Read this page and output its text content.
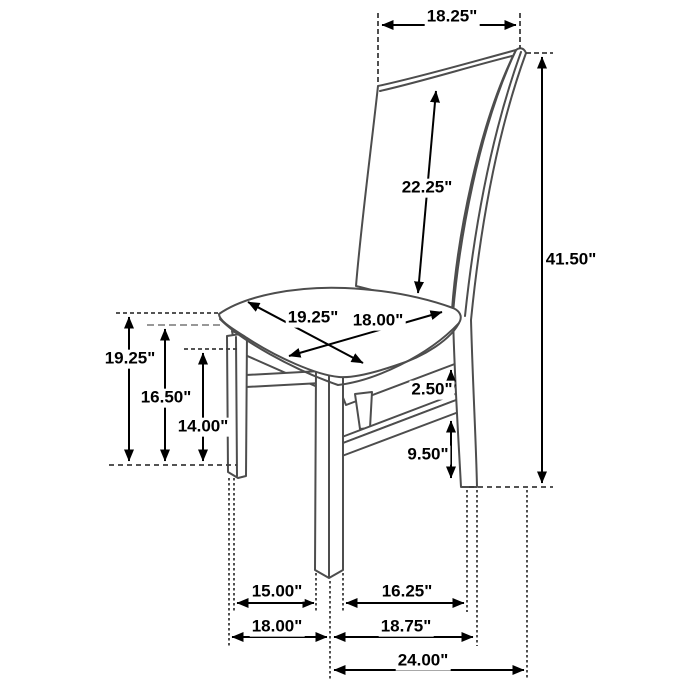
18.25"
22.25"
41.50"
19.25" 18.00"
19.25"
16.50"
14.00"
2.50"
9.50"
15.00"	16.25"
18.00"	18.75"
24.00"
